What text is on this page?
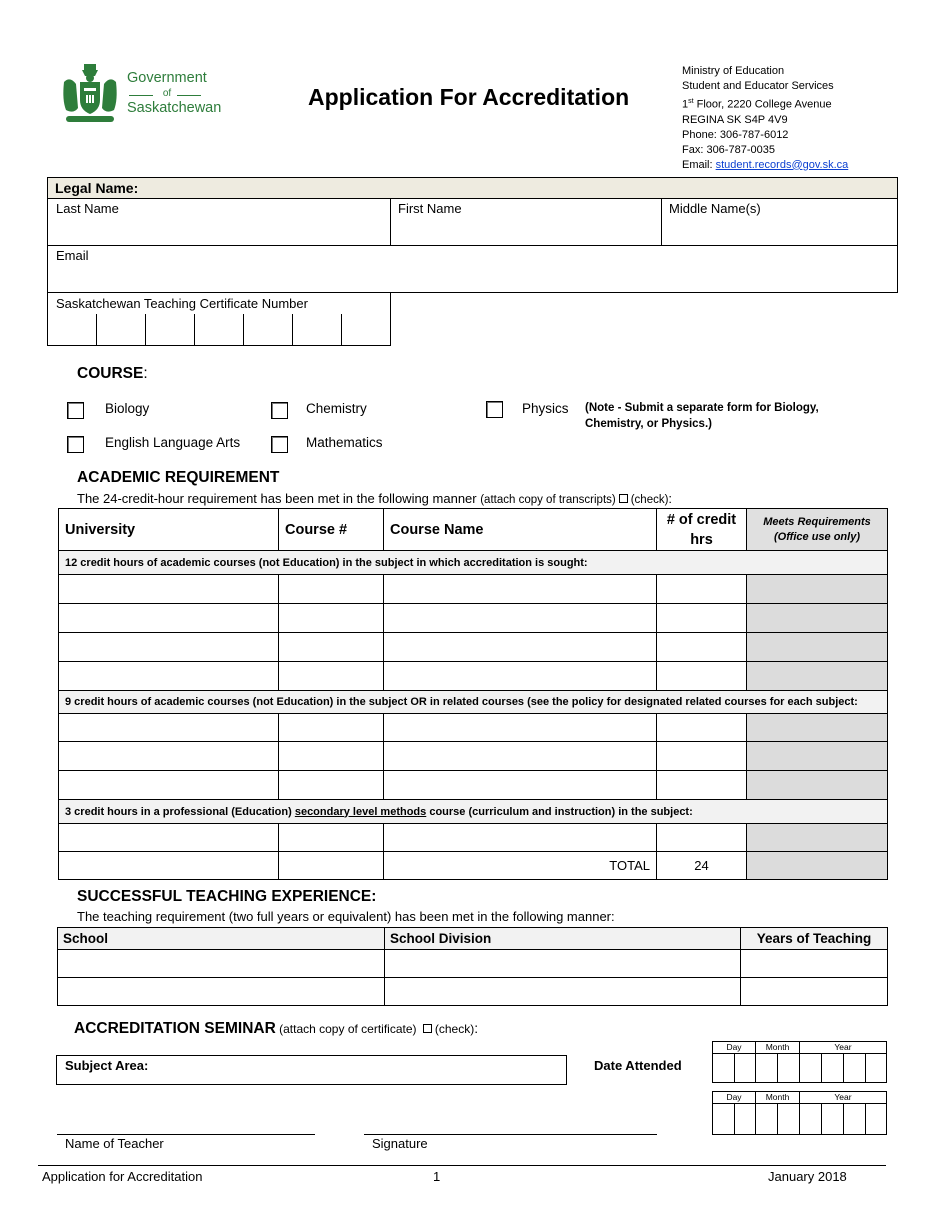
Government
of
Saskatchewan	Application For Accreditation
Ministry of Education
Student and Educator Services
1st Floor, 2220 College Avenue
REGINA SK S4P 4V9
Phone: 306-787-6012
Fax: 306-787-0035
Email: student.records@gov.sk.ca
Legal Name:
Last Name	First Name	Middle Name(s)
Email
Saskatchewan Teaching Certificate Number
COURSE:
Biology	Chemistry	Physics (Note - Submit a separate form for Biology,
Chemistry, or Physics.)
English Language Arts	Mathematics
ACADEMIC REQUIREMENT
The 24-credit-hour requirement has been met in the following manner (attach copy of transcripts) (check):
University	Course #	Course Name	# of credit hrs	Meets Requirements (Office use only)
12 credit hours of academic courses (not Education) in the subject in which accreditation is sought:				

9 credit hours of academic courses (not Education) in the subject OR in related courses (see the policy for designated related courses for each subject:				

3 credit hours in a professional (Education) secondary level methods course (curriculum and instruction) in the subject:				

		TOTAL	24	
SUCCESSFUL TEACHING EXPERIENCE:
The teaching requirement (two full years or equivalent) has been met in the following manner:
School	School Division	Years of Teaching

ACCREDITATION SEMINAR (attach copy of certificate) (check):
Subject Area:	Date Attended
Day		Month		Year			

Day		Month		Year			

Name of Teacher	Signature
Application for Accreditation	1	January 2018
